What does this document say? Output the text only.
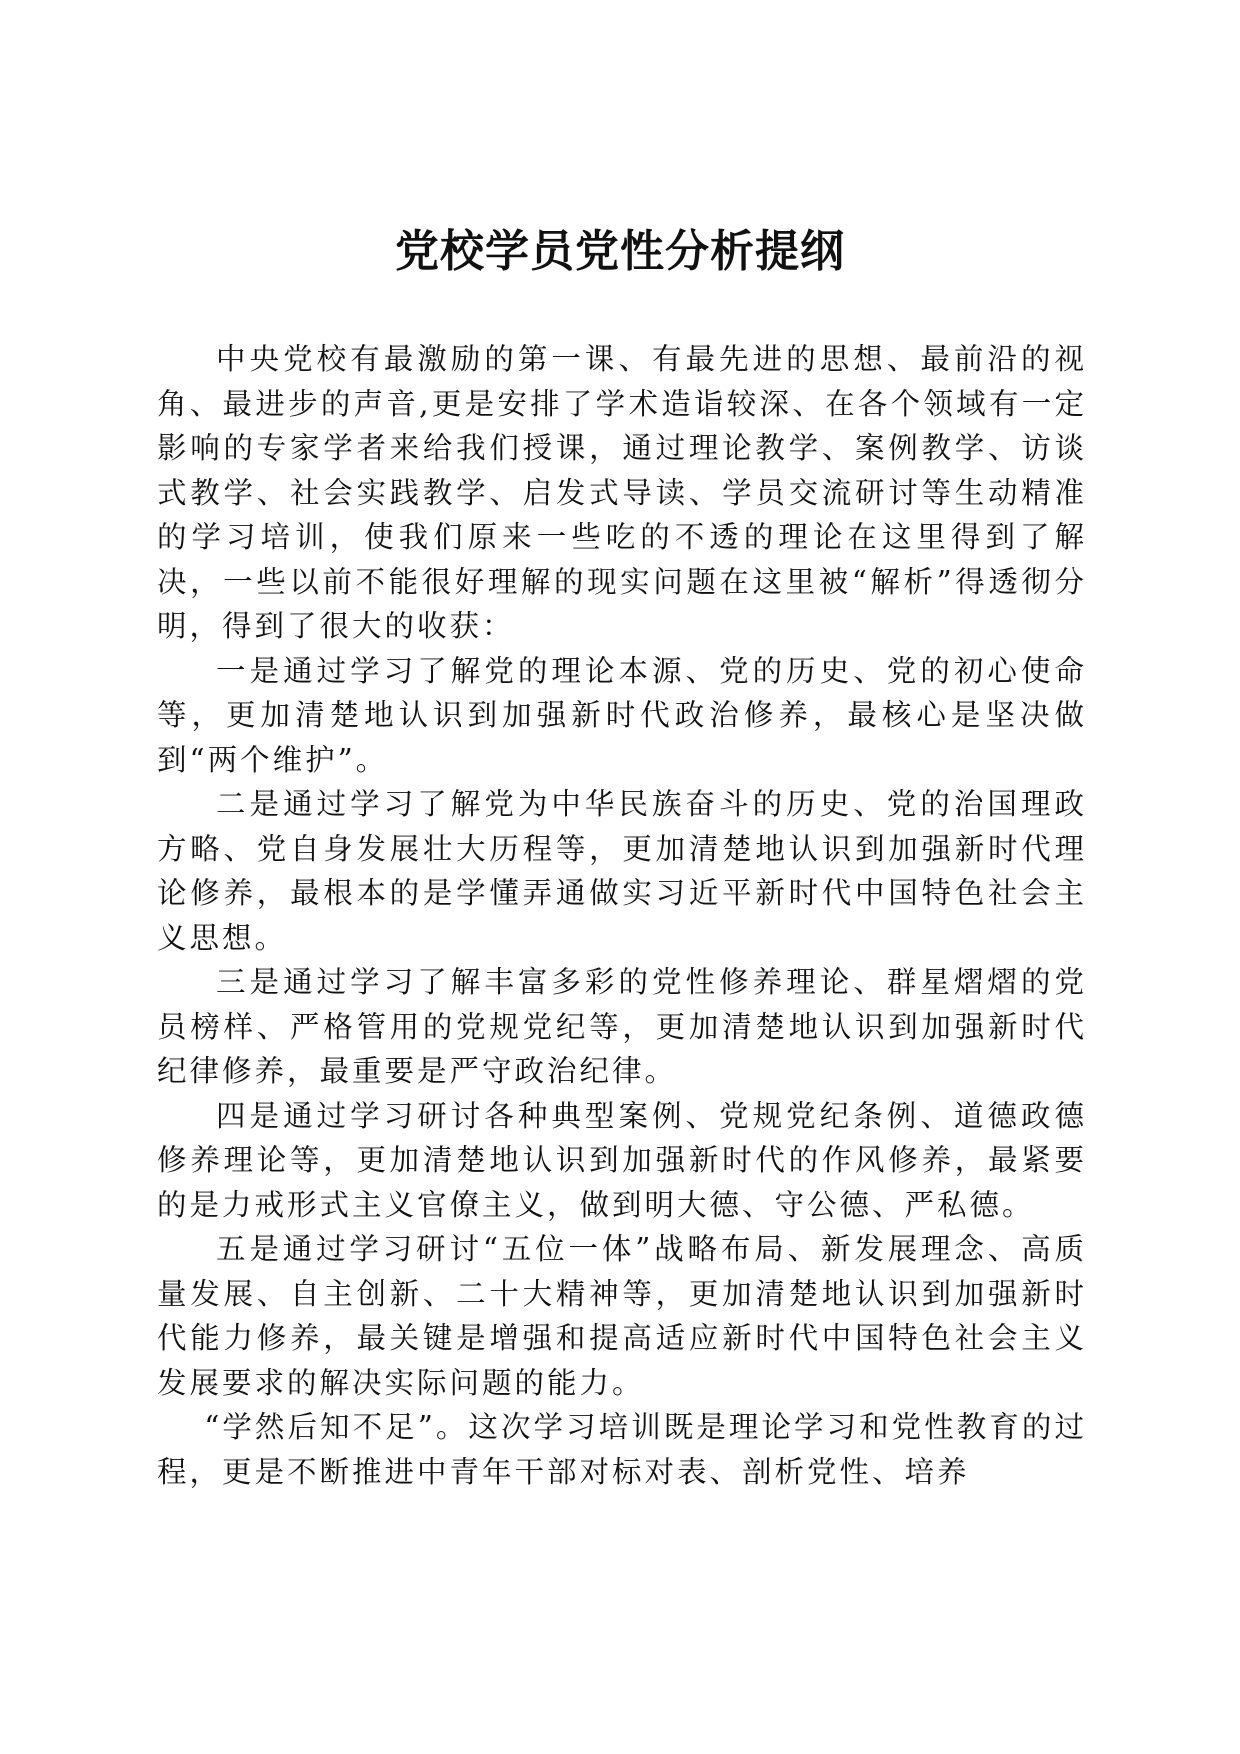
党校学员党性分析提纲

中央党校有最激励的第一课、有最先进的思想、最前沿的视角、最进步的声音,更是安排了学术造诣较深、在各个领域有一定影响的专家学者来给我们授课，通过理论教学、案例教学、访谈式教学、社会实践教学、启发式导读、学员交流研讨等生动精准的学习培训，使我们原来一些吃的不透的理论在这里得到了解决，一些以前不能很好理解的现实问题在这里被“解析”得透彻分明，得到了很大的收获：

一是通过学习了解党的理论本源、党的历史、党的初心使命等，更加清楚地认识到加强新时代政治修养，最核心是坚决做到“两个维护”。

二是通过学习了解党为中华民族奋斗的历史、党的治国理政方略、党自身发展壮大历程等，更加清楚地认识到加强新时代理论修养，最根本的是学懂弄通做实习近平新时代中国特色社会主义思想。

三是通过学习了解丰富多彩的党性修养理论、群星熠熠的党员榜样、严格管用的党规党纪等，更加清楚地认识到加强新时代纪律修养，最重要是严守政治纪律。

四是通过学习研讨各种典型案例、党规党纪条例、道德政德修养理论等，更加清楚地认识到加强新时代的作风修养，最紧要的是力戒形式主义官僚主义，做到明大德、守公德、严私德。

五是通过学习研讨“五位一体”战略布局、新发展理念、高质量发展、自主创新、二十大精神等，更加清楚地认识到加强新时代能力修养，最关键是增强和提高适应新时代中国特色社会主义发展要求的解决实际问题的能力。

“学然后知不足”。这次学习培训既是理论学习和党性教育的过程，更是不断推进中青年干部对标对表、剖析党性、培养
